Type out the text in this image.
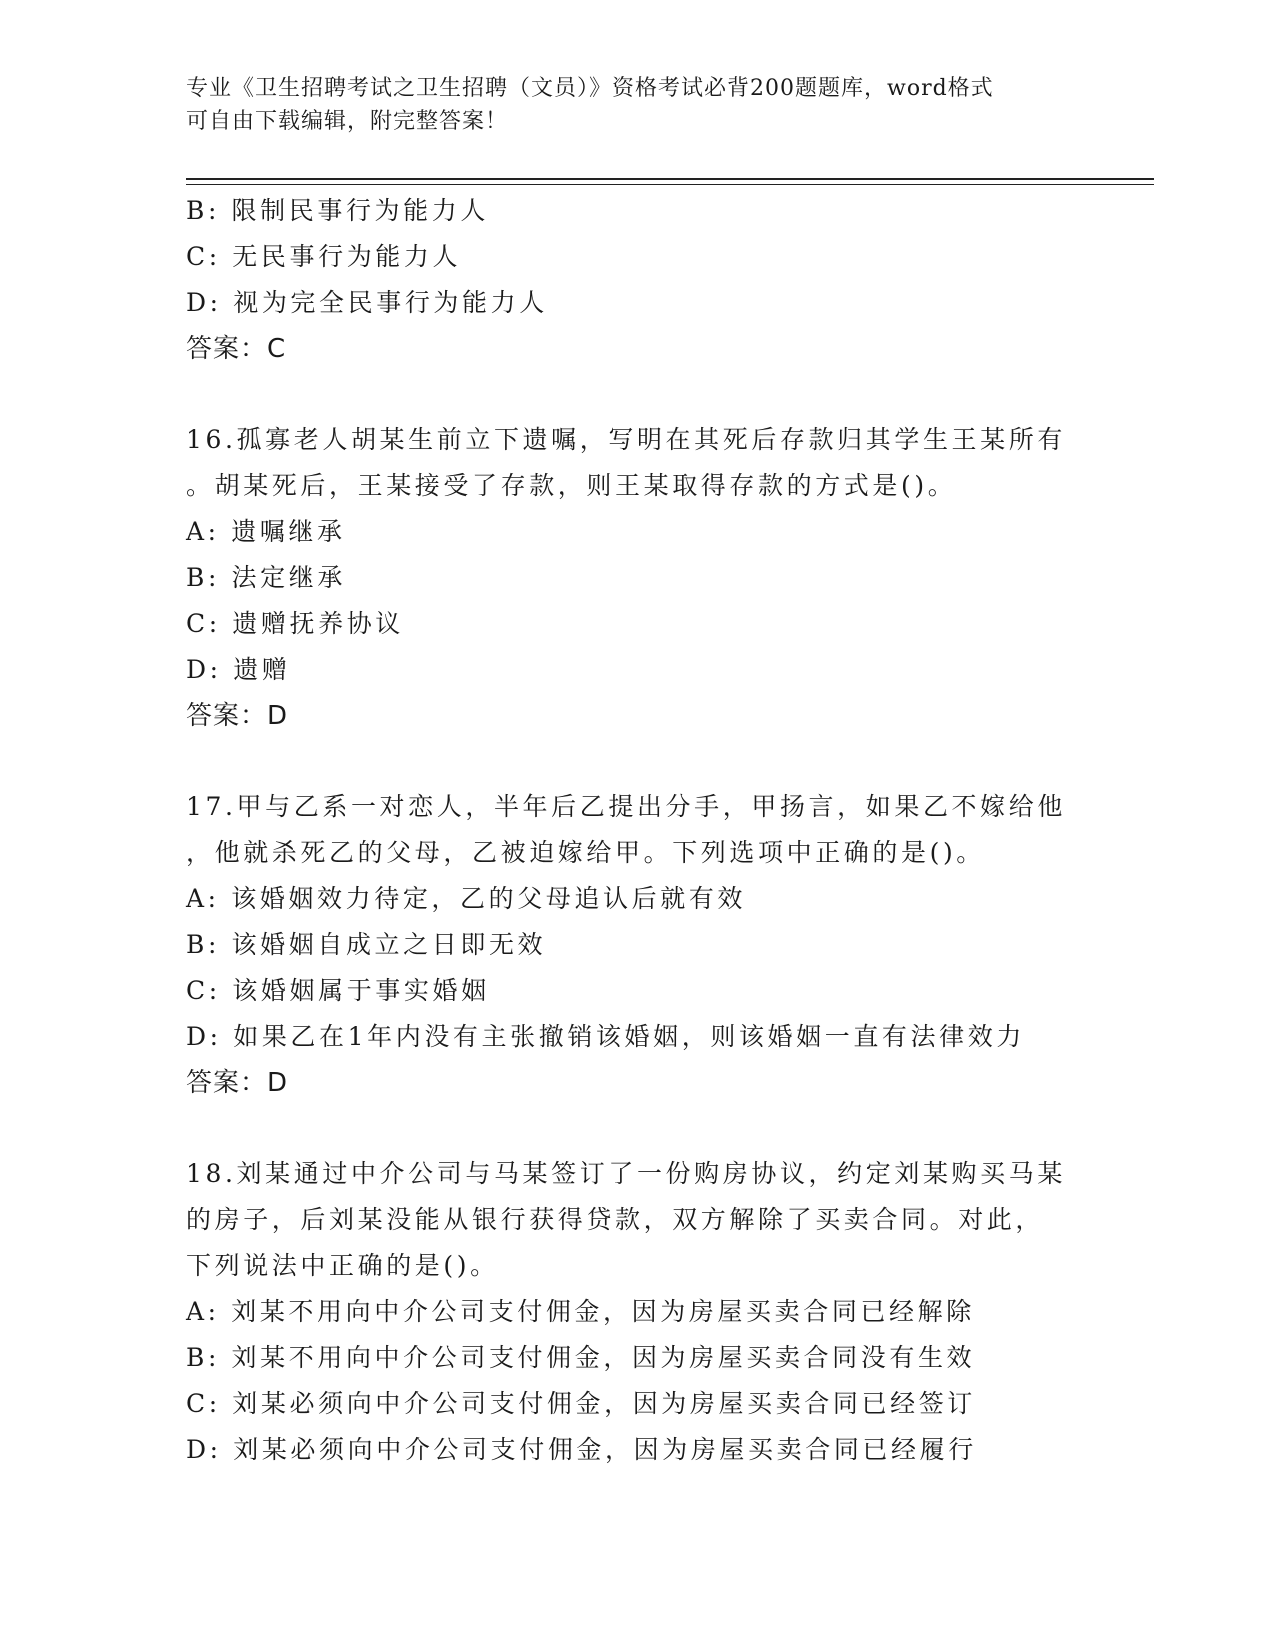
专业《卫生招聘考试之卫生招聘（文员）》资格考试必背200题题库，word格式
可自由下载编辑，附完整答案！
B: 限制民事行为能力人
C: 无民事行为能力人
D: 视为完全民事行为能力人
答案：C
16.孤寡老人胡某生前立下遗嘱，写明在其死后存款归其学生王某所有
。胡某死后，王某接受了存款，则王某取得存款的方式是()。
A: 遗嘱继承
B: 法定继承
C: 遗赠抚养协议
D: 遗赠
答案：D
17.甲与乙系一对恋人，半年后乙提出分手，甲扬言，如果乙不嫁给他
，他就杀死乙的父母，乙被迫嫁给甲。下列选项中正确的是()。
A: 该婚姻效力待定，乙的父母追认后就有效
B: 该婚姻自成立之日即无效
C: 该婚姻属于事实婚姻
D: 如果乙在1年内没有主张撤销该婚姻，则该婚姻一直有法律效力
答案：D
18.刘某通过中介公司与马某签订了一份购房协议，约定刘某购买马某
的房子，后刘某没能从银行获得贷款，双方解除了买卖合同。对此，
下列说法中正确的是()。
A: 刘某不用向中介公司支付佣金，因为房屋买卖合同已经解除
B: 刘某不用向中介公司支付佣金，因为房屋买卖合同没有生效
C: 刘某必须向中介公司支付佣金，因为房屋买卖合同已经签订
D: 刘某必须向中介公司支付佣金，因为房屋买卖合同已经履行
